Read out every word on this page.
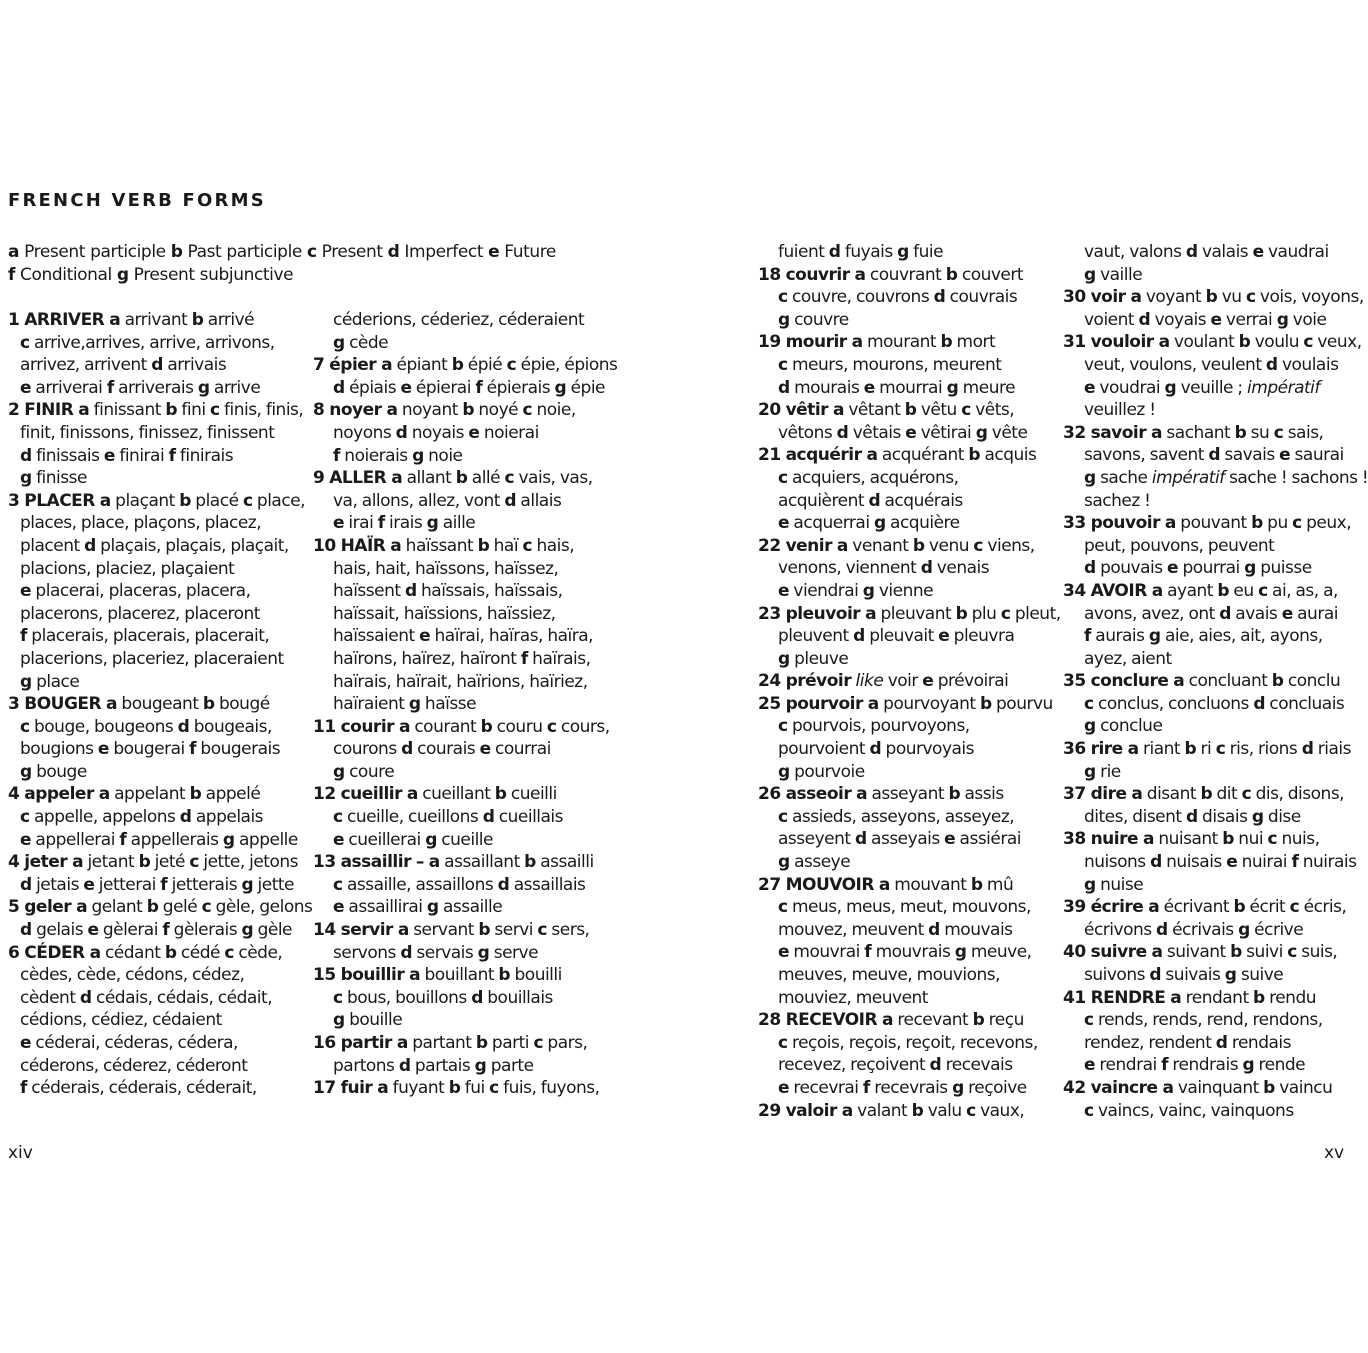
FRENCH VERB FORMS
a Present participle b Past participle c Present d Imperfect e Future
f Conditional g Present subjunctive
1 ARRIVER a arrivant b arrivé
c arrive,arrives, arrive, arrivons,
arrivez, arrivent d arrivais
e arriverai f arriverais g arrive
2 FINIR a finissant b fini c finis, finis,
finit, finissons, finissez, finissent
d finissais e finirai f finirais
g finisse
3 PLACER a plaçant b placé c place,
places, place, plaçons, placez,
placent d plaçais, plaçais, plaçait,
placions, placiez, plaçaient
e placerai, placeras, placera,
placerons, placerez, placeront
f placerais, placerais, placerait,
placerions, placeriez, placeraient
g place
3 BOUGER a bougeant b bougé
c bouge, bougeons d bougeais,
bougions e bougerai f bougerais
g bouge
4 appeler a appelant b appelé
c appelle, appelons d appelais
e appellerai f appellerais g appelle
4 jeter a jetant b jeté c jette, jetons
d jetais e jetterai f jetterais g jette
5 geler a gelant b gelé c gèle, gelons
d gelais e gèlerai f gèlerais g gèle
6 CÉDER a cédant b cédé c cède,
cèdes, cède, cédons, cédez,
cèdent d cédais, cédais, cédait,
cédions, cédiez, cédaient
e céderai, céderas, cédera,
céderons, céderez, céderont
f céderais, céderais, céderait,
céderions, céderiez, céderaient
g cède
7 épier a épiant b épié c épie, épions
d épiais e épierai f épierais g épie
8 noyer a noyant b noyé c noie,
noyons d noyais e noierai
f noierais g noie
9 ALLER a allant b allé c vais, vas,
va, allons, allez, vont d allais
e irai f irais g aille
10 HAÏR a haïssant b haï c hais,
hais, hait, haïssons, haïssez,
haïssent d haïssais, haïssais,
haïssait, haïssions, haïssiez,
haïssaient e haïrai, haïras, haïra,
haïrons, haïrez, haïront f haïrais,
haïrais, haïrait, haïrions, haïriez,
haïraient g haïsse
11 courir a courant b couru c cours,
courons d courais e courrai
g coure
12 cueillir a cueillant b cueilli
c cueille, cueillons d cueillais
e cueillerai g cueille
13 assaillir – a assaillant b assailli
c assaille, assaillons d assaillais
e assaillirai g assaille
14 servir a servant b servi c sers,
servons d servais g serve
15 bouillir a bouillant b bouilli
c bous, bouillons d bouillais
g bouille
16 partir a partant b parti c pars,
partons d partais g parte
17 fuir a fuyant b fui c fuis, fuyons,
fuient d fuyais g fuie
18 couvrir a couvrant b couvert
c couvre, couvrons d couvrais
g couvre
19 mourir a mourant b mort
c meurs, mourons, meurent
d mourais e mourrai g meure
20 vêtir a vêtant b vêtu c vêts,
vêtons d vêtais e vêtirai g vête
21 acquérir a acquérant b acquis
c acquiers, acquérons,
acquièrent d acquérais
e acquerrai g acquière
22 venir a venant b venu c viens,
venons, viennent d venais
e viendrai g vienne
23 pleuvoir a pleuvant b plu c pleut,
pleuvent d pleuvait e pleuvra
g pleuve
24 prévoir like voir e prévoirai
25 pourvoir a pourvoyant b pourvu
c pourvois, pourvoyons,
pourvoient d pourvoyais
g pourvoie
26 asseoir a asseyant b assis
c assieds, asseyons, asseyez,
asseyent d asseyais e assiérai
g asseye
27 MOUVOIR a mouvant b mû
c meus, meus, meut, mouvons,
mouvez, meuvent d mouvais
e mouvrai f mouvrais g meuve,
meuves, meuve, mouvions,
mouviez, meuvent
28 RECEVOIR a recevant b reçu
c reçois, reçois, reçoit, recevons,
recevez, reçoivent d recevais
e recevrai f recevrais g reçoive
29 valoir a valant b valu c vaux,
vaut, valons d valais e vaudrai
g vaille
30 voir a voyant b vu c vois, voyons,
voient d voyais e verrai g voie
31 vouloir a voulant b voulu c veux,
veut, voulons, veulent d voulais
e voudrai g veuille ; impératif
veuillez !
32 savoir a sachant b su c sais,
savons, savent d savais e saurai
g sache impératif sache ! sachons !
sachez !
33 pouvoir a pouvant b pu c peux,
peut, pouvons, peuvent
d pouvais e pourrai g puisse
34 AVOIR a ayant b eu c ai, as, a,
avons, avez, ont d avais e aurai
f aurais g aie, aies, ait, ayons,
ayez, aient
35 conclure a concluant b conclu
c conclus, concluons d concluais
g conclue
36 rire a riant b ri c ris, rions d riais
g rie
37 dire a disant b dit c dis, disons,
dites, disent d disais g dise
38 nuire a nuisant b nui c nuis,
nuisons d nuisais e nuirai f nuirais
g nuise
39 écrire a écrivant b écrit c écris,
écrivons d écrivais g écrive
40 suivre a suivant b suivi c suis,
suivons d suivais g suive
41 RENDRE a rendant b rendu
c rends, rends, rend, rendons,
rendez, rendent d rendais
e rendrai f rendrais g rende
42 vaincre a vainquant b vaincu
c vaincs, vainc, vainquons
xiv	xv
